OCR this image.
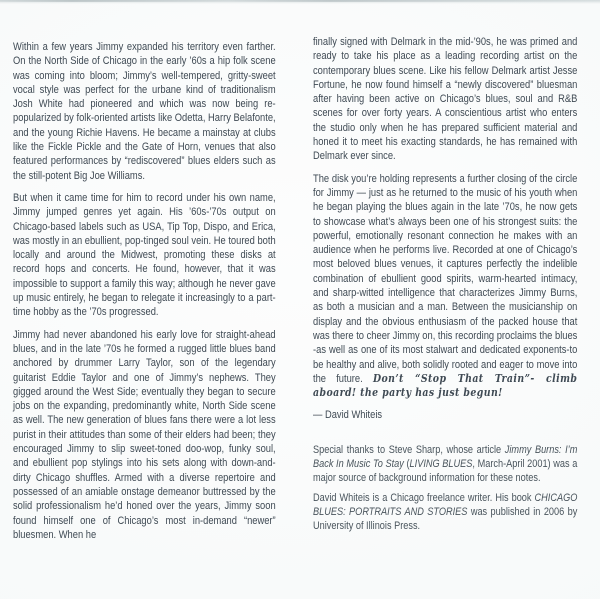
Within a few years Jimmy expanded his territory even farther. On the North Side of Chicago in the early ’60s a hip folk scene was coming into bloom; Jimmy’s well-tempered, gritty-sweet vocal style was perfect for the urbane kind of traditionalism Josh White had pioneered and which was now being re-popularized by folk-oriented artists like Odetta, Harry Belafonte, and the young Richie Havens. He became a mainstay at clubs like the Fickle Pickle and the Gate of Horn, venues that also featured performances by “rediscovered” blues elders such as the still-potent Big Joe Williams.

But when it came time for him to record under his own name, Jimmy jumped genres yet again. His ’60s-’70s output on Chicago-based labels such as USA, Tip Top, Dispo, and Erica, was mostly in an ebullient, pop-tinged soul vein. He toured both locally and around the Midwest, promoting these disks at record hops and concerts. He found, however, that it was impossible to support a family this way; although he never gave up music entirely, he began to relegate it increasingly to a part-time hobby as the ’70s progressed.

Jimmy had never abandoned his early love for straight-ahead blues, and in the late ’70s he formed a rugged little blues band anchored by drummer Larry Taylor, son of the legendary guitarist Eddie Taylor and one of Jimmy’s nephews. They gigged around the West Side; eventually they began to secure jobs on the expanding, predominantly white, North Side scene as well. The new generation of blues fans there were a lot less purist in their attitudes than some of their elders had been; they encouraged Jimmy to slip sweet-toned doo-wop, funky soul, and ebullient pop stylings into his sets along with down-and-dirty Chicago shuffles. Armed with a diverse repertoire and possessed of an amiable onstage demeanor buttressed by the solid professionalism he’d honed over the years, Jimmy soon found himself one of Chicago’s most in-demand “newer” bluesmen. When he

finally signed with Delmark in the mid-’90s, he was primed and ready to take his place as a leading recording artist on the contemporary blues scene. Like his fellow Delmark artist Jesse Fortune, he now found himself a “newly discovered” bluesman after having been active on Chicago’s blues, soul and R&B scenes for over forty years. A conscientious artist who enters the studio only when he has prepared sufficient material and honed it to meet his exacting standards, he has remained with Delmark ever since.

The disk you’re holding represents a further closing of the circle for Jimmy — just as he returned to the music of his youth when he began playing the blues again in the late ’70s, he now gets to showcase what’s always been one of his strongest suits: the powerful, emotionally resonant connection he makes with an audience when he performs live. Recorded at one of Chicago’s most beloved blues venues, it captures perfectly the indelible combination of ebullient good spirits, warm-hearted intimacy, and sharp-witted intelligence that characterizes Jimmy Burns, as both a musician and a man. Between the musicianship on display and the obvious enthusiasm of the packed house that was there to cheer Jimmy on, this recording proclaims the blues -as well as one of its most stalwart and dedicated exponents-to be healthy and alive, both solidly rooted and eager to move into the future. Don’t “Stop That Train”- climb aboard! the party has just begun!

— David Whiteis

Special thanks to Steve Sharp, whose article Jimmy Burns: I’m Back In Music To Stay (LIVING BLUES, March-April 2001) was a major source of background information for these notes.

David Whiteis is a Chicago freelance writer. His book CHICAGO BLUES: PORTRAITS AND STORIES was published in 2006 by University of Illinois Press.
